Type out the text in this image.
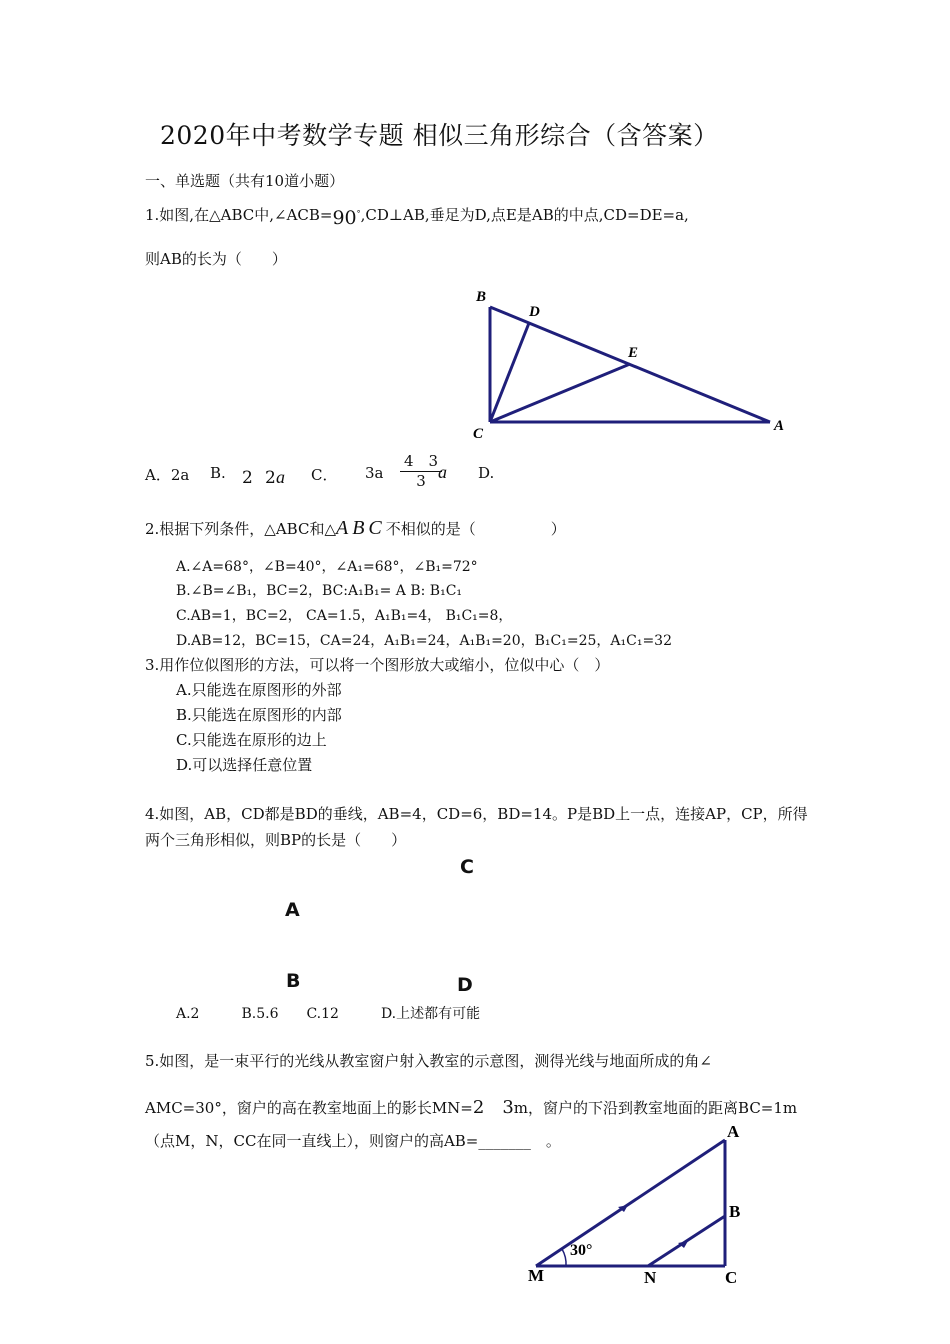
2020年中考数学专题 相似三角形综合（含答案）
一、单选题（共有10道小题）
1.如图,在△ABC中,∠ACB=90°,CD⊥AB,垂足为D,点E是AB的中点,CD=DE=a,
则AB的长为（　　）
B
D
E
C	A
A．2a B. 2 2 a C． $3a \frac{4 3}{3}$
a D.
2.根据下列条件，△ABC和△ABC不相似的是（　　　　　）
A.∠A=68°，∠B=40°，∠A₁=68°，∠B₁=72°
B.∠B=∠B₁，BC=2，BC:A₁B₁= A B: B₁C₁
C.AB=1，BC=2， CA=1.5，A₁B₁=4， B₁C₁=8，
D.AB=12，BC=15，CA=24，A₁B₁=24，A₁B₁=20，B₁C₁=25，A₁C₁=32
3.用作位似图形的方法，可以将一个图形放大或缩小，位似中心（　）
A.只能选在原图形的外部
B.只能选在原图形的内部
C.只能选在原形的边上
D.可以选择任意位置
4.如图，AB，CD都是BD的垂线，AB=4，CD=6，BD=14。P是BD上一点，连接AP，CP，所得
两个三角形相似，则BP的长是（　　）
C
A
B	D
A.2　　　B.5.6　　C.12　　　D.上述都有可能
5.如图，是一束平行的光线从教室窗户射入教室的示意图，测得光线与地面所成的角∠
AMC=30°，窗户的高在教室地面上的影长MN=2　3m，窗户的下沿到教室地面的距离BC=1m
（点M，N，CC在同一直线上），则窗户的高AB=_______　。
30°
A
B
M	N	C
